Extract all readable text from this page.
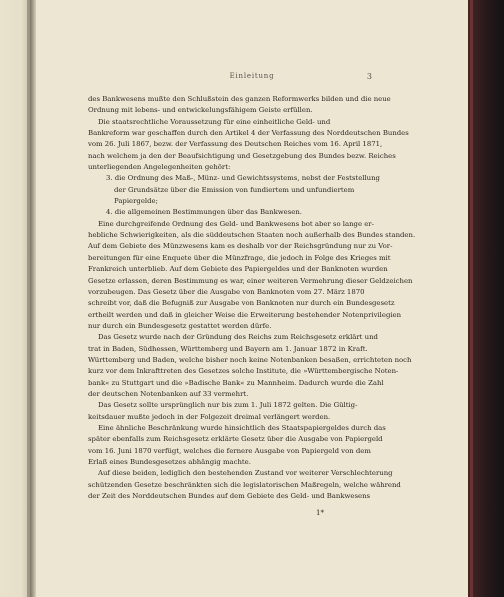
Einleitung	3
des Bankwesens mußte den Schlußstein des ganzen Reformwerks bilden und die neue
Ordnung mit lebens- und entwickelungsfähigem Geiste erfüllen.
Die staatsrechtliche Voraussetzung für eine einheitliche Geld- und
Bankreform war geschaffen durch den Artikel 4 der Verfassung des Norddeutschen Bundes
vom 26. Juli 1867, bezw. der Verfassung des Deutschen Reiches vom 16. April 1871,
nach welchem ja den der Beaufsichtigung und Gesetzgebung des Bundes bezw. Reiches
unterliegenden Angelegenheiten gehört:
3. die Ordnung des Maß-, Münz- und Gewichtssystems, nebst der Feststellung
der Grundsätze über die Emission von fundiertem und unfundiertem
Papiergelde;
4. die allgemeinen Bestimmungen über das Bankwesen.
Eine durchgreifende Ordnung des Geld- und Bankwesens bot aber so lange er-
hebliche Schwierigkeiten, als die süddeutschen Staaten noch außerhalb des Bundes standen.
Auf dem Gebiete des Münzwesens kam es deshalb vor der Reichsgründung nur zu Vor-
bereitungen für eine Enquete über die Münzfrage, die jedoch in Folge des Krieges mit
Frankreich unterblieb. Auf dem Gebiete des Papiergeldes und der Banknoten wurden
Gesetze erlassen, deren Bestimmung es war, einer weiteren Vermehrung dieser Geldzeichen
vorzubeugen. Das Gesetz über die Ausgabe von Banknoten vom 27. März 1870
schreibt vor, daß die Befugniß zur Ausgabe von Banknoten nur durch ein Bundesgesetz
ertheilt werden und daß in gleicher Weise die Erweiterung bestehender Notenprivilegien
nur durch ein Bundesgesetz gestattet werden dürfe.
Das Gesetz wurde nach der Gründung des Reichs zum Reichsgesetz erklärt und
trat in Baden, Südhessen, Württemberg und Bayern am 1. Januar 1872 in Kraft.
Württemberg und Baden, welche bisher noch keine Notenbanken besaßen, errichteten noch
kurz vor dem Inkrafttreten des Gesetzes solche Institute, die »Württembergische Noten-
bank« zu Stuttgart und die »Badische Bank« zu Mannheim. Dadurch wurde die Zahl
der deutschen Notenbanken auf 33 vermehrt.
Das Gesetz sollte ursprünglich nur bis zum 1. Juli 1872 gelten. Die Gültig-
keitsdauer mußte jedoch in der Folgezeit dreimal verlängert werden.
Eine ähnliche Beschränkung wurde hinsichtlich des Staatspapiergeldes durch das
später ebenfalls zum Reichsgesetz erklärte Gesetz über die Ausgabe von Papiergeld
vom 16. Juni 1870 verfügt, welches die fernere Ausgabe von Papiergeld von dem
Erlaß eines Bundesgesetzes abhängig machte.
Auf diese beiden, lediglich den bestehenden Zustand vor weiterer Verschlechterung
schützenden Gesetze beschränkten sich die legislatorischen Maßregeln, welche während
der Zeit des Norddeutschen Bundes auf dem Gebiete des Geld- und Bankwesens
1*
